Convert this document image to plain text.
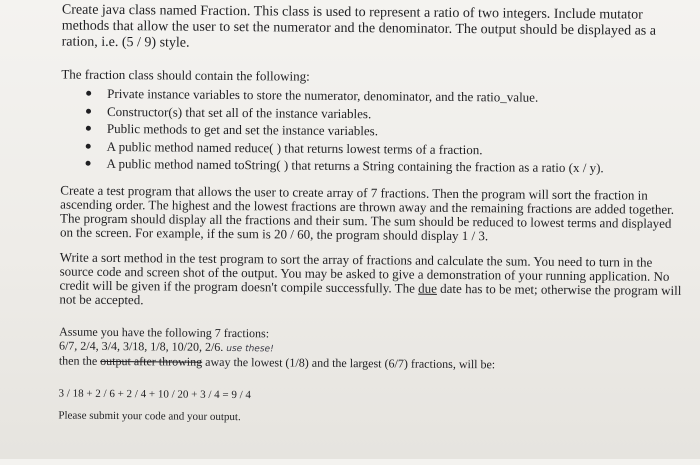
Create java class named Fraction. This class is used to represent a ratio of two integers. Include mutator methods that allow the user to set the numerator and the denominator. The output should be displayed as a ration, i.e. (5 / 9) style.

The fraction class should contain the following:

Private instance variables to store the numerator, denominator, and the ratio_value.
Constructor(s) that set all of the instance variables.
Public methods to get and set the instance variables.
A public method named reduce( ) that returns lowest terms of a fraction.
A public method named toString( ) that returns a String containing the fraction as a ratio (x / y).

Create a test program that allows the user to create array of 7 fractions. Then the program will sort the fraction in ascending order. The highest and the lowest fractions are thrown away and the remaining fractions are added together. The program should display all the fractions and their sum. The sum should be reduced to lowest terms and displayed on the screen. For example, if the sum is 20 / 60, the program should display 1 / 3.

Write a sort method in the test program to sort the array of fractions and calculate the sum. You need to turn in the source code and screen shot of the output. You may be asked to give a demonstration of your running application. No credit will be given if the program doesn't compile successfully. The due date has to be met; otherwise the program will not be accepted.

Assume you have the following 7 fractions:

6/7, 2/4, 3/4, 3/18, 1/8, 10/20, 2/6. use these!

then the output after throwing away the lowest (1/8) and the largest (6/7) fractions, will be:

3 / 18 + 2 / 6 + 2 / 4 + 10 / 20 + 3 / 4 = 9 / 4

Please submit your code and your output.
